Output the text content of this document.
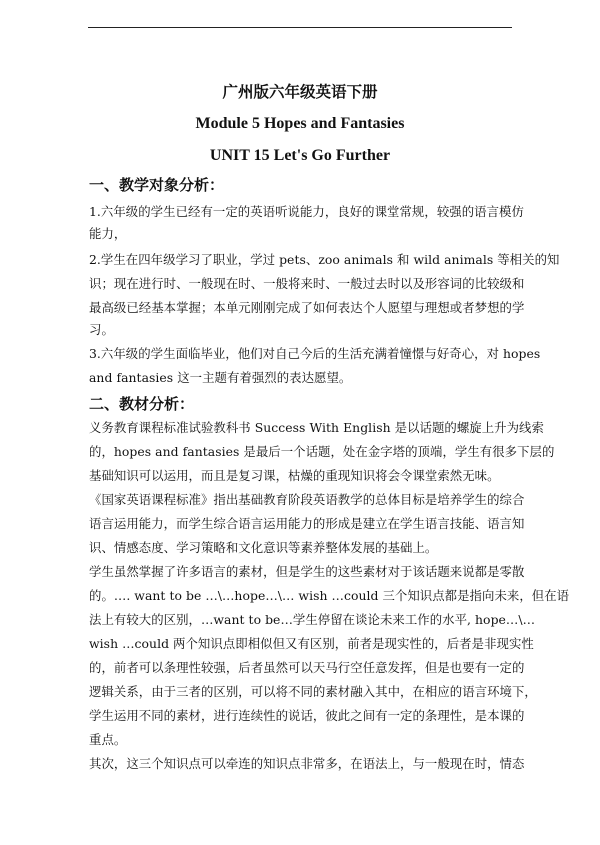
广州版六年级英语下册
Module 5 Hopes and Fantasies
UNIT 15 Let's Go Further
一、教学对象分析：
1.六年级的学生已经有一定的英语听说能力，良好的课堂常规，较强的语言模仿
能力，
2.学生在四年级学习了职业，学过 pets、zoo animals 和 wild animals 等相关的知
识；现在进行时、一般现在时、一般将来时、一般过去时以及形容词的比较级和
最高级已经基本掌握；本单元刚刚完成了如何表达个人愿望与理想或者梦想的学
习。
3.六年级的学生面临毕业，他们对自己今后的生活充满着憧憬与好奇心，对 hopes
and fantasies 这一主题有着强烈的表达愿望。
二、教材分析：
义务教育课程标准试验教科书 Success With English 是以话题的螺旋上升为线索
的，hopes and fantasies 是最后一个话题，处在金字塔的顶端，学生有很多下层的
基础知识可以运用，而且是复习课，枯燥的重现知识将会令课堂索然无味。
《国家英语课程标准》指出基础教育阶段英语教学的总体目标是培养学生的综合
语言运用能力，而学生综合语言运用能力的形成是建立在学生语言技能、语言知
识、情感态度、学习策略和文化意识等素养整体发展的基础上。
学生虽然掌握了许多语言的素材，但是学生的这些素材对于该话题来说都是零散
的。…. want to be …\…hope…\… wish …could 三个知识点都是指向未来，但在语
法上有较大的区别，…want to be…学生停留在谈论未来工作的水平, hope…\…
wish …could 两个知识点即相似但又有区别，前者是现实性的，后者是非现实性
的，前者可以条理性较强，后者虽然可以天马行空任意发挥，但是也要有一定的
逻辑关系，由于三者的区别，可以将不同的素材融入其中，在相应的语言环境下，
学生运用不同的素材，进行连续性的说话，彼此之间有一定的条理性，是本课的
重点。
其次，这三个知识点可以牵连的知识点非常多，在语法上，与一般现在时，情态
